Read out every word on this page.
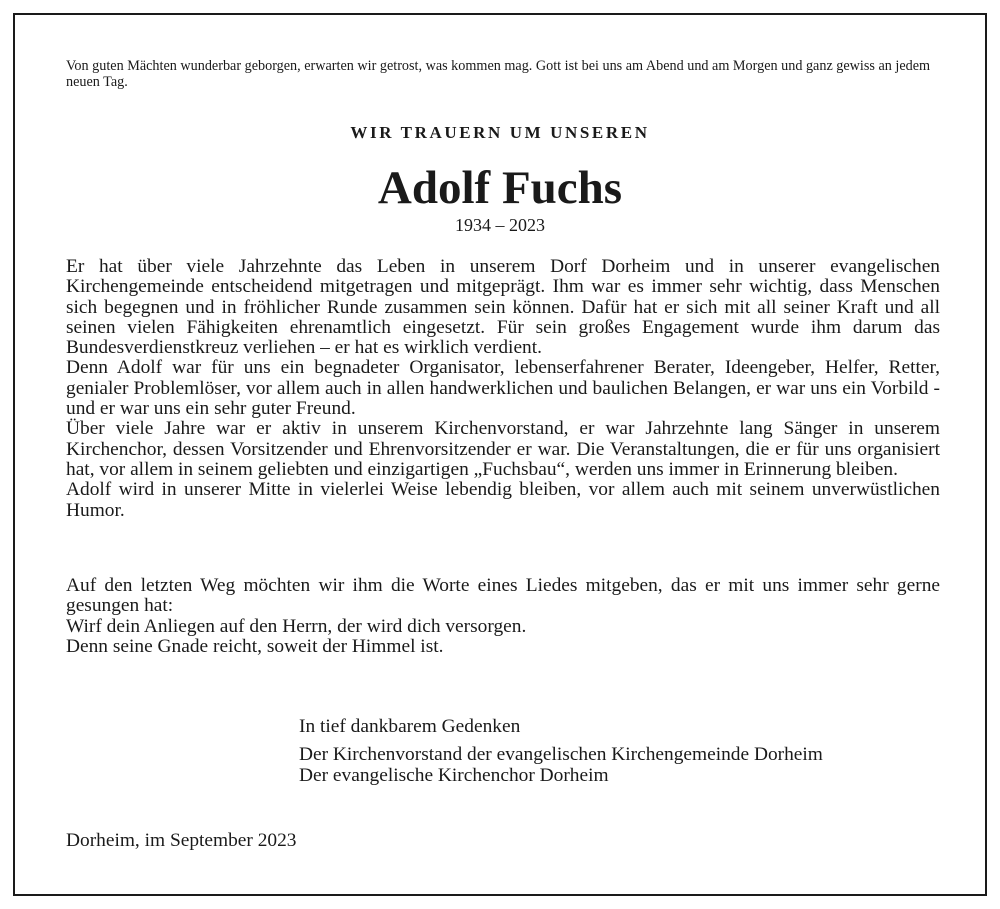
Von guten Mächten wunderbar geborgen, erwarten wir getrost, was kommen mag. Gott ist bei uns am Abend und am Morgen und ganz gewiss an jedem neuen Tag.
WIR TRAUERN UM UNSEREN
Adolf Fuchs
1934 – 2023

Er hat über viele Jahrzehnte das Leben in unserem Dorf Dorheim und in unserer evangelischen Kirchengemeinde entscheidend mitgetragen und mitgeprägt. Ihm war es immer sehr wichtig, dass Menschen sich begegnen und in fröhlicher Runde zusammen sein können. Dafür hat er sich mit all seiner Kraft und all seinen vielen Fähigkeiten ehrenamtlich eingesetzt. Für sein großes Engagement wurde ihm darum das Bundesverdienstkreuz verliehen – er hat es wirklich verdient.

Denn Adolf war für uns ein begnadeter Organisator, lebenserfahrener Berater, Ideengeber, Helfer, Retter, genialer Problemlöser, vor allem auch in allen handwerklichen und baulichen Belangen, er war uns ein Vorbild - und er war uns ein sehr guter Freund.

Über viele Jahre war er aktiv in unserem Kirchenvorstand, er war Jahrzehnte lang Sänger in unserem Kirchenchor, dessen Vorsitzender und Ehrenvorsitzender er war. Die Veranstaltungen, die er für uns organisiert hat, vor allem in seinem geliebten und einzigartigen „Fuchsbau“, werden uns immer in Erinnerung bleiben.

Adolf wird in unserer Mitte in vielerlei Weise lebendig bleiben, vor allem auch mit seinem unverwüstlichen Humor.

Auf den letzten Weg möchten wir ihm die Worte eines Liedes mitgeben, das er mit uns immer sehr gerne gesungen hat:

Wirf dein Anliegen auf den Herrn, der wird dich versorgen.

Denn seine Gnade reicht, soweit der Himmel ist.

In tief dankbarem Gedenken
Der Kirchenvorstand der evangelischen Kirchengemeinde Dorheim
Der evangelische Kirchenchor Dorheim
Dorheim, im September 2023
